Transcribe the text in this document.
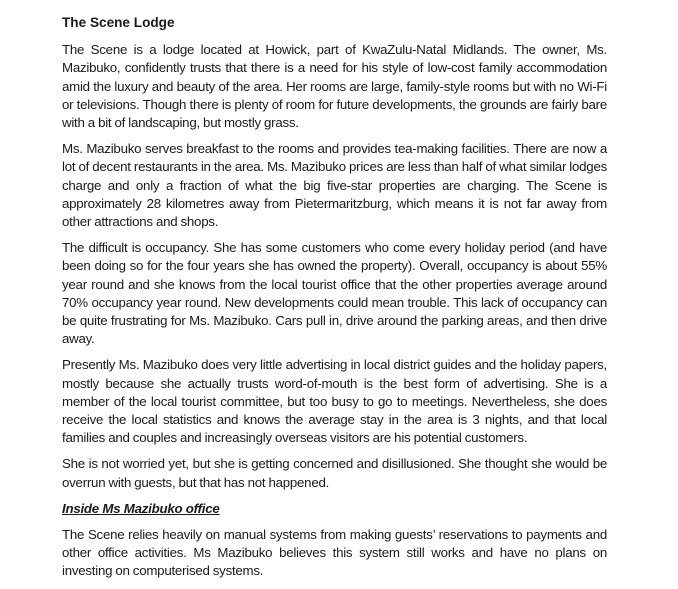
The Scene Lodge

The Scene is a lodge located at Howick, part of KwaZulu-Natal Midlands. The owner, Ms. Mazibuko, confidently trusts that there is a need for his style of low-cost family accommodation amid the luxury and beauty of the area. Her rooms are large, family-style rooms but with no Wi-Fi or televisions. Though there is plenty of room for future developments, the grounds are fairly bare with a bit of landscaping, but mostly grass.

Ms. Mazibuko serves breakfast to the rooms and provides tea-making facilities. There are now a lot of decent restaurants in the area. Ms. Mazibuko prices are less than half of what similar lodges charge and only a fraction of what the big five-star properties are charging. The Scene is approximately 28 kilometres away from Pietermaritzburg, which means it is not far away from other attractions and shops.

The difficult is occupancy. She has some customers who come every holiday period (and have been doing so for the four years she has owned the property). Overall, occupancy is about 55% year round and she knows from the local tourist office that the other properties average around 70% occupancy year round. New developments could mean trouble. This lack of occupancy can be quite frustrating for Ms. Mazibuko. Cars pull in, drive around the parking areas, and then drive away.

Presently Ms. Mazibuko does very little advertising in local district guides and the holiday papers, mostly because she actually trusts word-of-mouth is the best form of advertising. She is a member of the local tourist committee, but too busy to go to meetings. Nevertheless, she does receive the local statistics and knows the average stay in the area is 3 nights, and that local families and couples and increasingly overseas visitors are his potential customers.

She is not worried yet, but she is getting concerned and disillusioned. She thought she would be overrun with guests, but that has not happened.

Inside Ms Mazibuko office

The Scene relies heavily on manual systems from making guests’ reservations to payments and other office activities. Ms Mazibuko believes this system still works and have no plans on investing on computerised systems.
